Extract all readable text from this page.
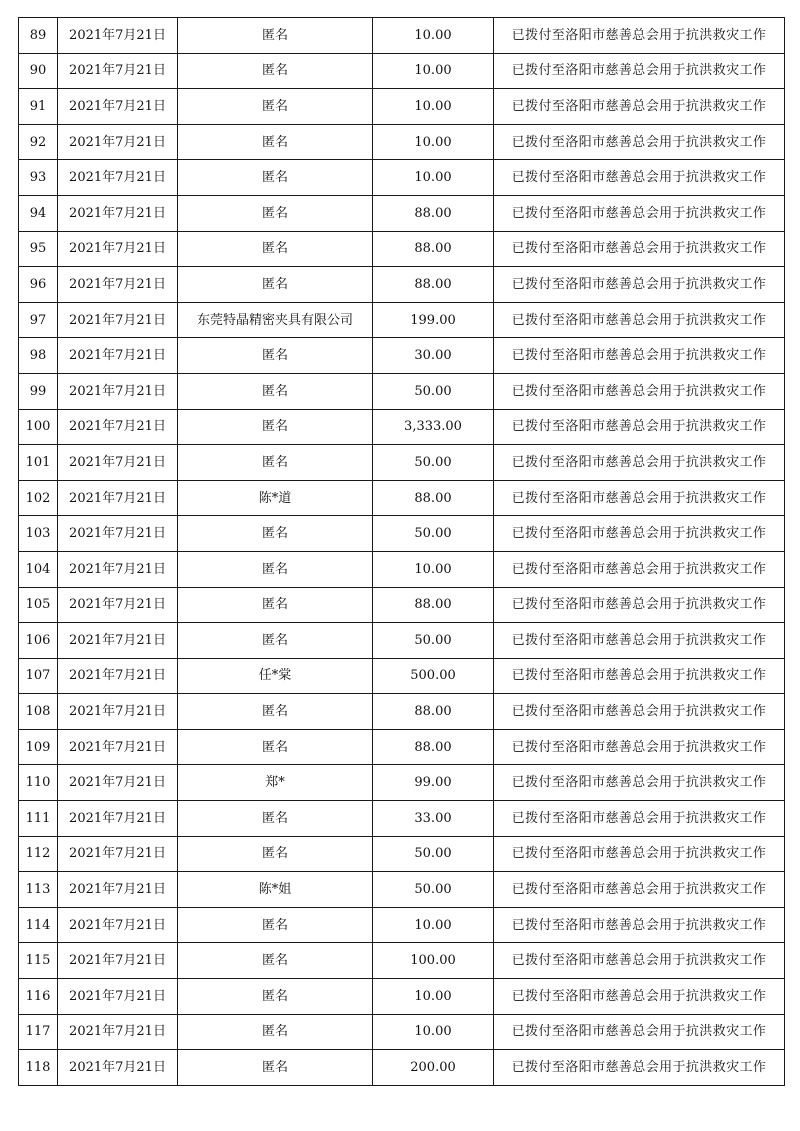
89	2021年7月21日	匿名	10.00	已拨付至洛阳市慈善总会用于抗洪救灾工作
90	2021年7月21日	匿名	10.00	已拨付至洛阳市慈善总会用于抗洪救灾工作
91	2021年7月21日	匿名	10.00	已拨付至洛阳市慈善总会用于抗洪救灾工作
92	2021年7月21日	匿名	10.00	已拨付至洛阳市慈善总会用于抗洪救灾工作
93	2021年7月21日	匿名	10.00	已拨付至洛阳市慈善总会用于抗洪救灾工作
94	2021年7月21日	匿名	88.00	已拨付至洛阳市慈善总会用于抗洪救灾工作
95	2021年7月21日	匿名	88.00	已拨付至洛阳市慈善总会用于抗洪救灾工作
96	2021年7月21日	匿名	88.00	已拨付至洛阳市慈善总会用于抗洪救灾工作
97	2021年7月21日	东莞特晶精密夹具有限公司	199.00	已拨付至洛阳市慈善总会用于抗洪救灾工作
98	2021年7月21日	匿名	30.00	已拨付至洛阳市慈善总会用于抗洪救灾工作
99	2021年7月21日	匿名	50.00	已拨付至洛阳市慈善总会用于抗洪救灾工作
100	2021年7月21日	匿名	3,333.00	已拨付至洛阳市慈善总会用于抗洪救灾工作
101	2021年7月21日	匿名	50.00	已拨付至洛阳市慈善总会用于抗洪救灾工作
102	2021年7月21日	陈*道	88.00	已拨付至洛阳市慈善总会用于抗洪救灾工作
103	2021年7月21日	匿名	50.00	已拨付至洛阳市慈善总会用于抗洪救灾工作
104	2021年7月21日	匿名	10.00	已拨付至洛阳市慈善总会用于抗洪救灾工作
105	2021年7月21日	匿名	88.00	已拨付至洛阳市慈善总会用于抗洪救灾工作
106	2021年7月21日	匿名	50.00	已拨付至洛阳市慈善总会用于抗洪救灾工作
107	2021年7月21日	任*棠	500.00	已拨付至洛阳市慈善总会用于抗洪救灾工作
108	2021年7月21日	匿名	88.00	已拨付至洛阳市慈善总会用于抗洪救灾工作
109	2021年7月21日	匿名	88.00	已拨付至洛阳市慈善总会用于抗洪救灾工作
110	2021年7月21日	郑*	99.00	已拨付至洛阳市慈善总会用于抗洪救灾工作
111	2021年7月21日	匿名	33.00	已拨付至洛阳市慈善总会用于抗洪救灾工作
112	2021年7月21日	匿名	50.00	已拨付至洛阳市慈善总会用于抗洪救灾工作
113	2021年7月21日	陈*姐	50.00	已拨付至洛阳市慈善总会用于抗洪救灾工作
114	2021年7月21日	匿名	10.00	已拨付至洛阳市慈善总会用于抗洪救灾工作
115	2021年7月21日	匿名	100.00	已拨付至洛阳市慈善总会用于抗洪救灾工作
116	2021年7月21日	匿名	10.00	已拨付至洛阳市慈善总会用于抗洪救灾工作
117	2021年7月21日	匿名	10.00	已拨付至洛阳市慈善总会用于抗洪救灾工作
118	2021年7月21日	匿名	200.00	已拨付至洛阳市慈善总会用于抗洪救灾工作
